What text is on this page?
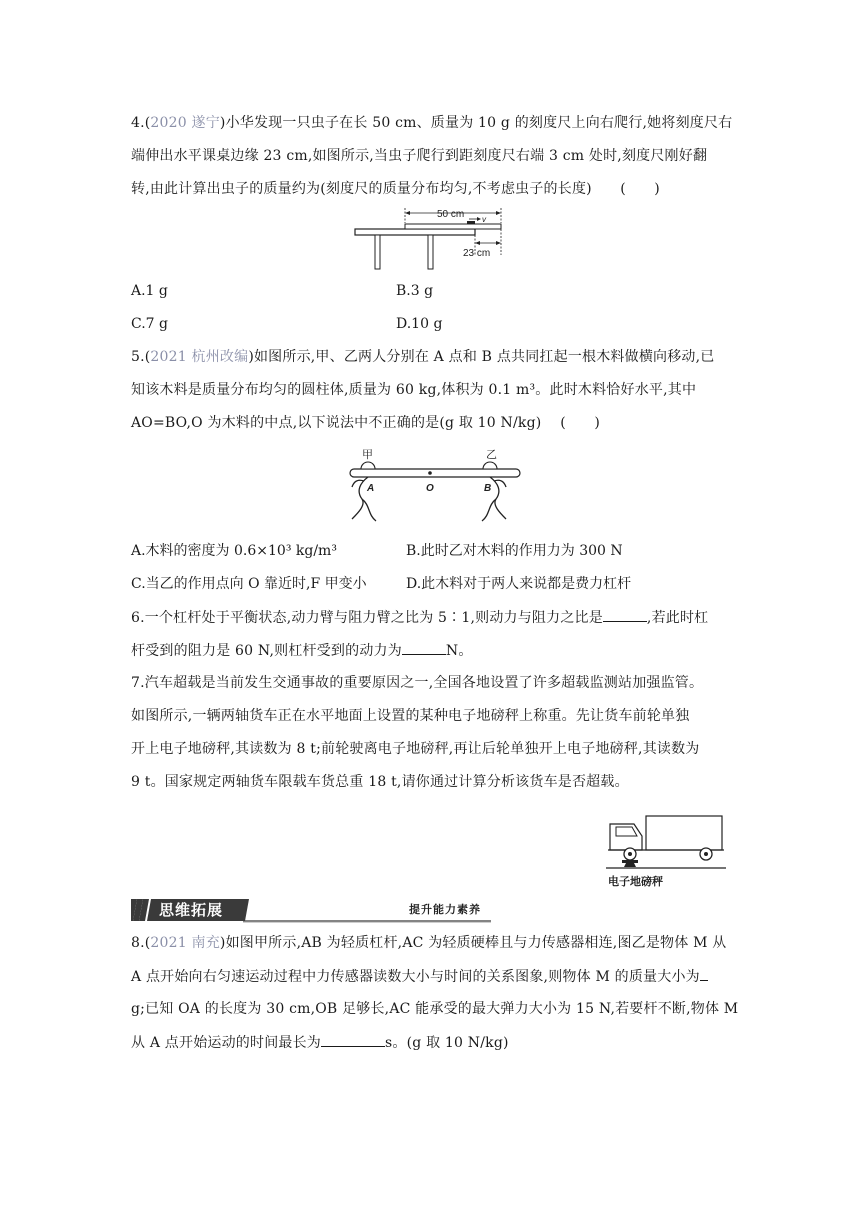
4.(2020 遂宁)小华发现一只虫子在长 50 cm、质量为 10 g 的刻度尺上向右爬行,她将刻度尺右
端伸出水平课桌边缘 23 cm,如图所示,当虫子爬行到距刻度尺右端 3 cm 处时,刻度尺刚好翻
转,由此计算出虫子的质量约为(刻度尺的质量分布均匀,不考虑虫子的长度)　　(　　)
50 cm v
23 cm
A.1 g	B.3 g
C.7 g	D.10 g
5.(2021 杭州改编)如图所示,甲、乙两人分别在 A 点和 B 点共同扛起一根木料做横向移动,已
知该木料是质量分布均匀的圆柱体,质量为 60 kg,体积为 0.1 m³。此时木料恰好水平,其中
AO=BO,O 为木料的中点,以下说法中不正确的是(g 取 10 N/kg)　 (　　)
甲	乙
A	O	B
A.木料的密度为 0.6×10³ kg/m³	B.此时乙对木料的作用力为 300 N
C.当乙的作用点向 O 靠近时,F 甲变小	D.此木料对于两人来说都是费力杠杆
6.一个杠杆处于平衡状态,动力臂与阻力臂之比为 5∶1,则动力与阻力之比是	,若此时杠
杆受到的阻力是 60 N,则杠杆受到的动力为	N。
7.汽车超载是当前发生交通事故的重要原因之一,全国各地设置了许多超载监测站加强监管。
如图所示,一辆两轴货车正在水平地面上设置的某种电子地磅秤上称重。先让货车前轮单独
开上电子地磅秤,其读数为 8 t;前轮驶离电子地磅秤,再让后轮单独开上电子地磅秤,其读数为
9 t。国家规定两轴货车限载车货总重 18 t,请你通过计算分析该货车是否超载。
电子地磅秤
思维拓展	提升能力素养
8.(2021 南充)如图甲所示,AB 为轻质杠杆,AC 为轻质硬棒且与力传感器相连,图乙是物体 M 从
A 点开始向右匀速运动过程中力传感器读数大小与时间的关系图象,则物体 M 的质量大小为
g;已知 OA 的长度为 30 cm,OB 足够长,AC 能承受的最大弹力大小为 15 N,若要杆不断,物体 M
从 A 点开始运动的时间最长为	s。(g 取 10 N/kg)
